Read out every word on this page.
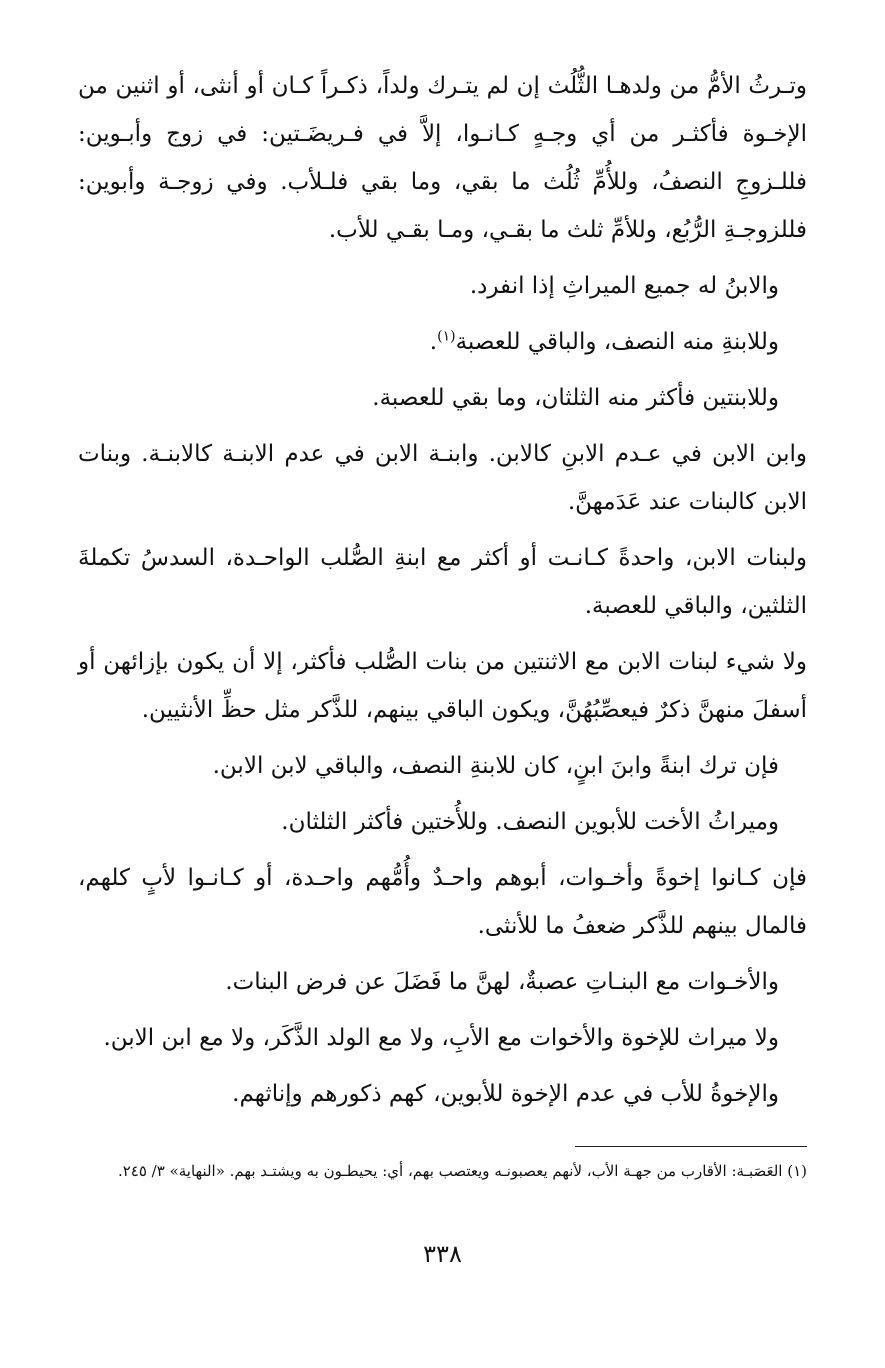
وتـرثُ الأمُّ من ولدهـا الثُّلُث إن لم يتـرك ولداً، ذكـراً كـان أو أنثى، أو اثنين من الإخـوة فأكثـر من أي وجـهٍ كـانـوا، إلاَّ في فـريضَـتين: في زوج وأبـوين: فللـزوجِ النصفُ، وللأُمِّ ثُلُث ما بقي، وما بقي فلـلأب. وفي زوجـة وأبوين: فللزوجـةِ الرُّبُع، وللأمِّ ثلث ما بقـي، ومـا بقـي للأب.

والابنُ له جميع الميراثِ إذا انفرد.

وللابنةِ منه النصف، والباقي للعصبة$^{(١)}$.

وللابنتين فأكثر منه الثلثان، وما بقي للعصبة.

وابن الابن في عـدم الابنِ كالابن. وابنـة الابن في عدم الابنـة كالابنـة. وبنات الابن كالبنات عند عَدَمهنَّ.

ولبنات الابن، واحدةً كـانـت أو أكثر مع ابنةِ الصُّلب الواحـدة، السدسُ تكملةَ الثلثين، والباقي للعصبة.

ولا شيء لبنات الابن مع الاثنتين من بنات الصُّلب فأكثر، إلا أن يكون بإزائهن أو أسفلَ منهنَّ ذكرٌ فيعصِّبُهُنَّ، ويكون الباقي بينهم، للذَّكر مثل حظِّ الأنثيين.

فإن ترك ابنةً وابنَ ابنٍ، كان للابنةِ النصف، والباقي لابن الابن.

وميراثُ الأخت للأبوين النصف. وللأُختين فأكثر الثلثان.

فإن كـانوا إخوةً وأخـوات، أبوهم واحـدٌ وأُمُّهم واحـدة، أو كـانـوا لأبٍ كلهم، فالمال بينهم للذَّكر ضعفُ ما للأنثى.

والأخـوات مع البنـاتِ عصبةٌ، لهنَّ ما فَضَلَ عن فرض البنات.

ولا ميراث للإخوة والأخوات مع الأبِ، ولا مع الولد الذَّكَر، ولا مع ابن الابن.

والإخوةُ للأب في عدم الإخوة للأبوين، كهم ذكورهم وإناثهم.

(١) العَصَبـة: الأقارب من جهـة الأب، لأنهم يعصبونـه ويعتصب بهم، أي: يحيطـون به ويشتـد بهم. «النهاية» ٣/ ٢٤٥.
٣٣٨
